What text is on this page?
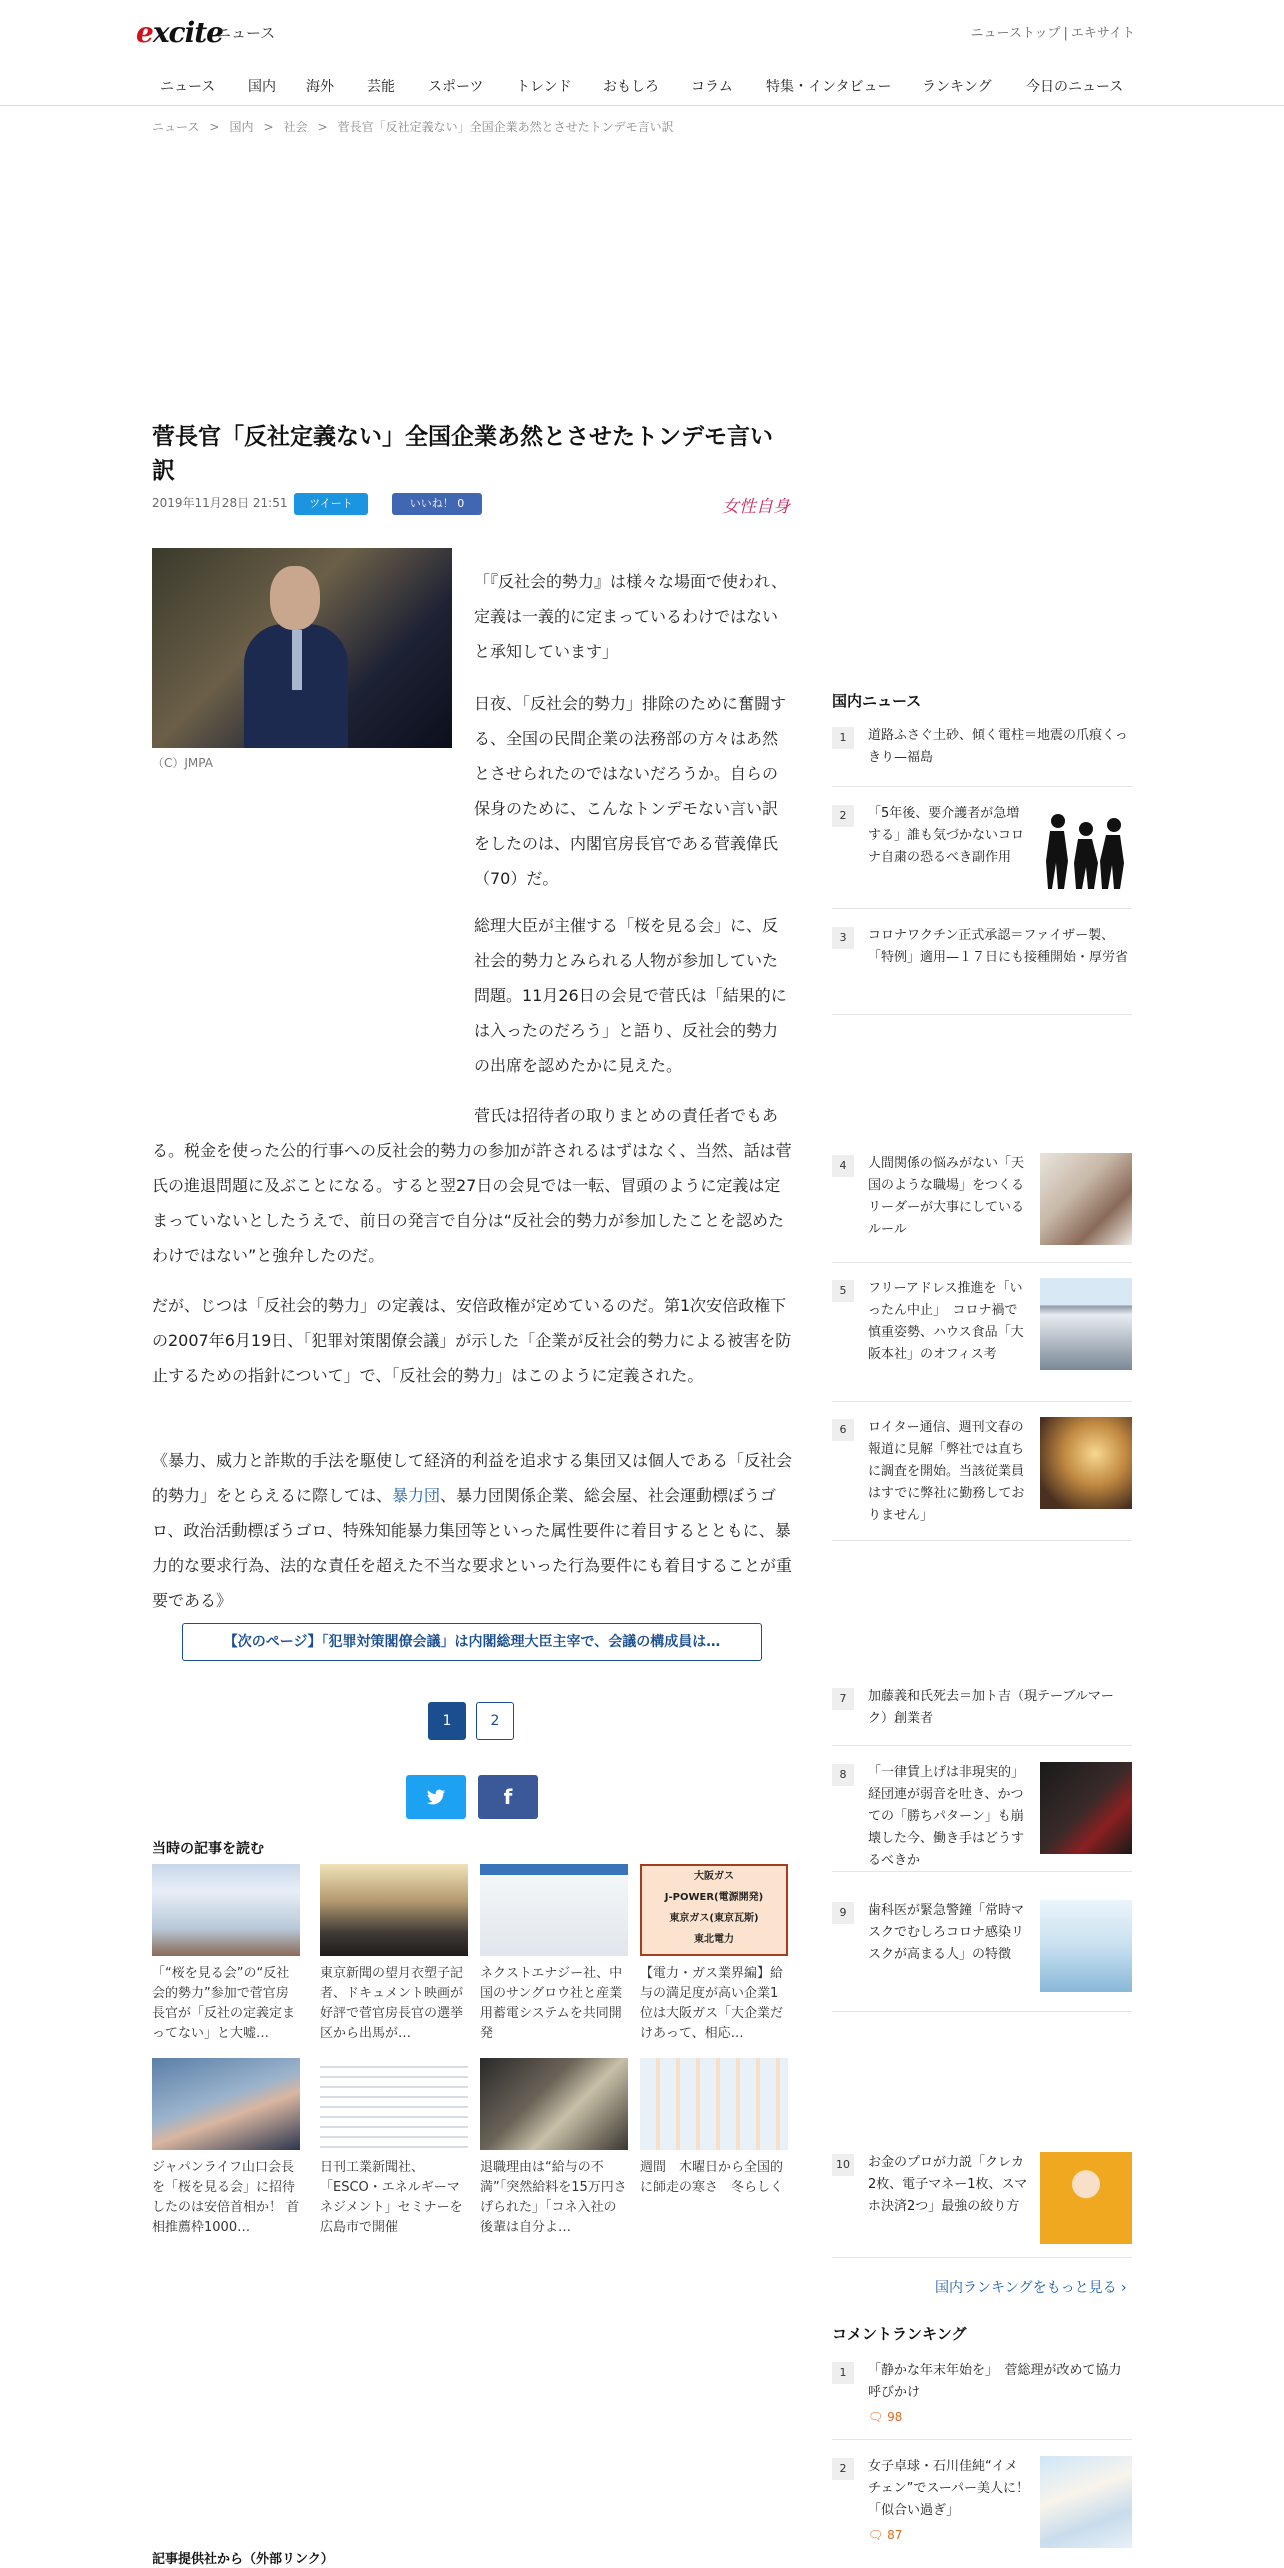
excite
ニュース	ニューストップ | エキサイト
ニュース 国内 海外 芸能 スポーツ トレンド おもしろ コラム 特集・インタビュー ランキング 今日のニュース
ニュース > 国内 > 社会 > 菅長官「反社定義ない」全国企業あ然とさせたトンデモ言い訳
菅長官「反社定義ない」全国企業あ然とさせたトンデモ言い訳
2019年11月28日 21:51	ツイート	いいね！ 0	女性自身
（C）JMPA

「『反社会的勢力』は様々な場面で使われ、定義は一義的に定まっているわけではないと承知しています」

日夜、「反社会的勢力」排除のために奮闘する、全国の民間企業の法務部の方々はあ然とさせられたのではないだろうか。自らの保身のために、こんなトンデモない言い訳をしたのは、内閣官房長官である菅義偉氏（70）だ。

総理大臣が主催する「桜を見る会」に、反社会的勢力とみられる人物が参加していた問題。11月26日の会見で菅氏は「結果的には入ったのだろう」と語り、反社会的勢力の出席を認めたかに見えた。

菅氏は招待者の取りまとめの責任者でもある。税金を使った公的行事への反社会的勢力の参加が許されるはずはなく、当然、話は菅氏の進退問題に及ぶことになる。すると翌27日の会見では一転、冒頭のように定義は定まっていないとしたうえで、前日の発言で自分は“反社会的勢力が参加したことを認めたわけではない”と強弁したのだ。

だが、じつは「反社会的勢力」の定義は、安倍政権が定めているのだ。第1次安倍政権下の2007年6月19日、「犯罪対策閣僚会議」が示した「企業が反社会的勢力による被害を防止するための指針について」で、「反社会的勢力」はこのように定義された。

《暴力、威力と詐欺的手法を駆使して経済的利益を追求する集団又は個人である「反社会的勢力」をとらえるに際しては、暴力団、暴力団関係企業、総会屋、社会運動標ぼうゴロ、政治活動標ぼうゴロ、特殊知能暴力集団等といった属性要件に着目するとともに、暴力的な要求行為、法的な責任を超えた不当な要求といった行為要件にも着目することが重要である》

【次のページ】「犯罪対策閣僚会議」は内閣総理大臣主宰で、会議の構成員は…
1	2
f
当時の記事を読む
「“桜を見る会”の“反社会的勢力”参加で菅官房長官が「反社の定義定まってない」と大嘘…
東京新聞の望月衣塑子記者、ドキュメント映画が好評で菅官房長官の選挙区から出馬が…
ネクストエナジー社、中国のサングロウ社と産業用蓄電システムを共同開発
大阪ガス
J-POWER(電源開発)
東京ガス(東京瓦斯)
東北電力
【電力・ガス業界編】給与の満足度が高い企業1位は大阪ガス「大企業だけあって、相応…
ジャパンライフ山口会長を「桜を見る会」に招待したのは安倍首相か！ 首相推薦枠1000…
日刊工業新聞社、「ESCO・エネルギーマネジメント」セミナーを広島市で開催
退職理由は“給与の不満”「突然給料を15万円さげられた」「コネ入社の後輩は自分よ…
週間　木曜日から全国的に師走の寒さ　冬らしく
記事提供社から（外部リンク）
国内ニュース
1	道路ふさぐ土砂、傾く電柱＝地震の爪痕くっきり—福島
2	「5年後、要介護者が急増する」誰も気づかないコロナ自粛の恐るべき副作用
3	コロナワクチン正式承認＝ファイザー製、「特例」適用—１７日にも接種開始・厚労省
4	人間関係の悩みがない「天国のような職場」をつくるリーダーが大事にしているルール
5	フリーアドレス推進を「いったん中止」　コロナ禍で慎重姿勢、ハウス食品「大阪本社」のオフィス考
6	ロイター通信、週刊文春の報道に見解「弊社では直ちに調査を開始。当該従業員はすでに弊社に勤務しておりません」
7	加藤義和氏死去＝加ト吉（現テーブルマーク）創業者
8	「一律賃上げは非現実的」　経団連が弱音を吐き、かつての「勝ちパターン」も崩壊した今、働き手はどうするべきか
9	歯科医が緊急警鐘「常時マスクでむしろコロナ感染リスクが高まる人」の特徴
10	お金のプロが力説「クレカ2枚、電子マネー1枚、スマホ決済2つ」最強の絞り方
国内ランキングをもっと見る ›
コメントランキング
1	「静かな年末年始を」　菅総理が改めて協力呼びかけ
🗨 98
2	女子卓球・石川佳純“イメチェン”でスーパー美人に！「似合い過ぎ」
🗨 87
